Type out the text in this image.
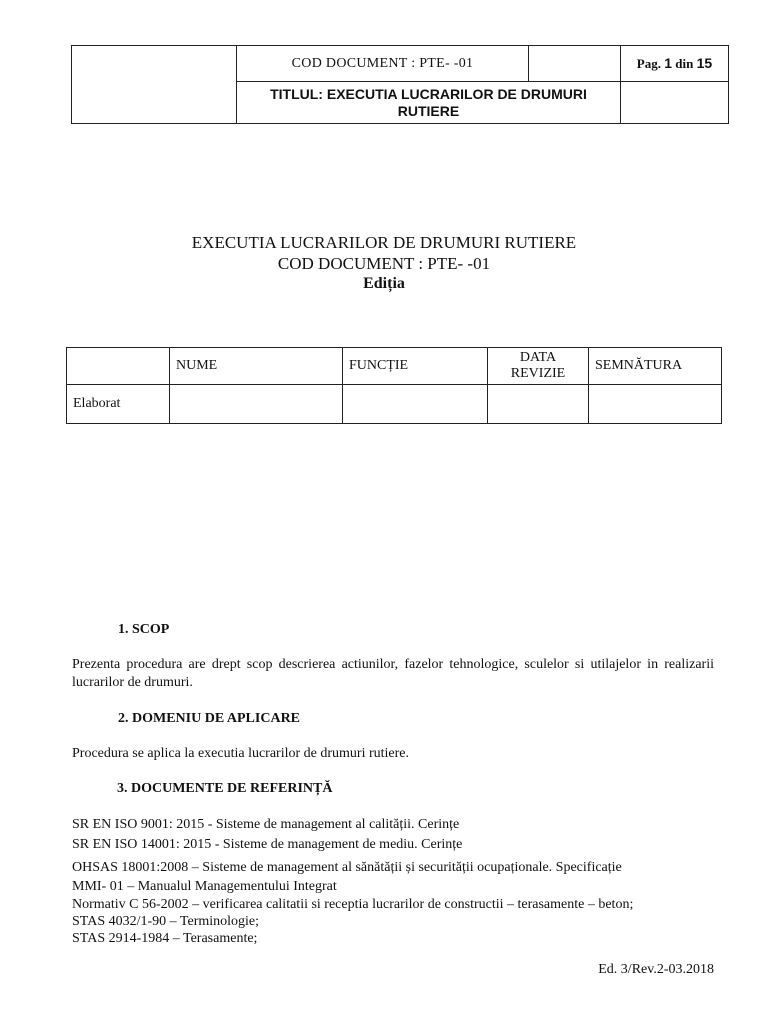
	COD DOCUMENT : PTE- -01		Pag. 1 din 15
	TITLUL: EXECUTIA LUCRARILOR DE DRUMURI RUTIERE		
EXECUTIA LUCRARILOR DE DRUMURI RUTIERE
COD DOCUMENT : PTE- -01
Ediția
	NUME	FUNCȚIE	DATA REVIZIE	SEMNĂTURA
Elaborat				
1. SCOP
Prezenta procedura are drept scop descrierea actiunilor, fazelor tehnologice, sculelor si utilajelor in realizarii lucrarilor de drumuri.
2. DOMENIU DE APLICARE
Procedura se aplica la executia lucrarilor de drumuri rutiere.
3. DOCUMENTE DE REFERINȚĂ
SR EN ISO 9001: 2015 - Sisteme de management al calității. Cerințe
SR EN ISO 14001: 2015 - Sisteme de management de mediu. Cerințe
OHSAS 18001:2008 – Sisteme de management al sănătății și securității ocupaționale. Specificație
MMI- 01 – Manualul Managementului Integrat
Normativ C 56-2002 – verificarea calitatii si receptia lucrarilor de constructii – terasamente – beton;
STAS 4032/1-90 – Terminologie;
STAS 2914-1984 – Terasamente;
Ed. 3/Rev.2-03.2018
